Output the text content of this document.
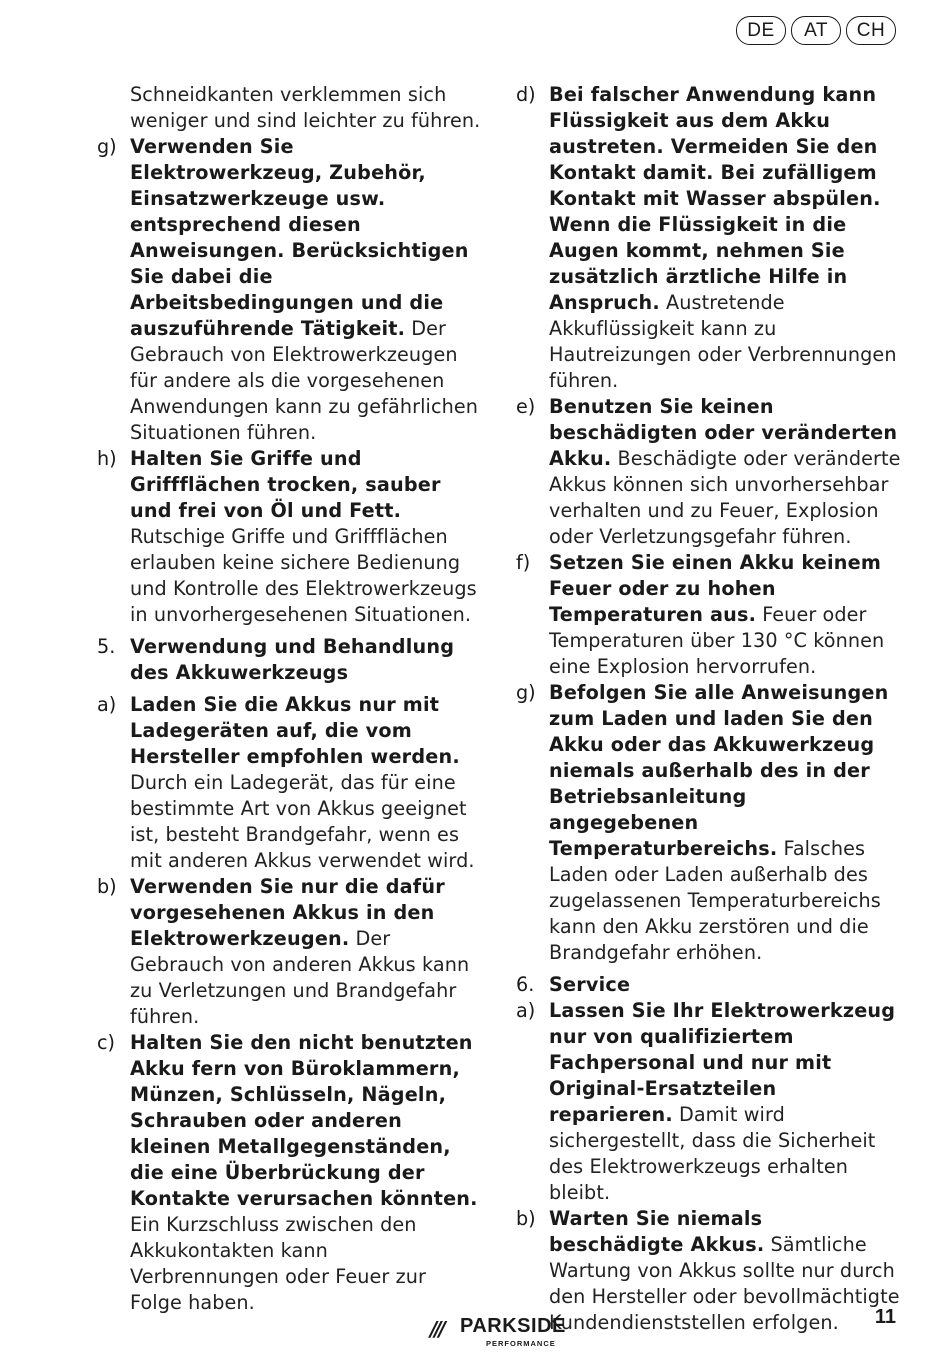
DE	AT	CH

Schneidkanten verklemmen sich weniger und sind leichter zu führen.

g) Verwenden Sie Elektrowerkzeug, Zubehör, Einsatzwerkzeuge usw. entsprechend diesen Anweisungen. Berücksichtigen Sie dabei die Arbeitsbedingungen und die auszuführende Tätigkeit. Der Gebrauch von Elektrowerkzeugen für andere als die vorgesehenen Anwendungen kann zu gefährlichen Situationen führen.
h) Halten Sie Griffe und Griffflächen trocken, sauber und frei von Öl und Fett. Rutschige Griffe und Griffflächen erlauben keine sichere Bedienung und Kontrolle des Elektrowerkzeugs in unvorhergesehenen Situationen.
5. Verwendung und Behandlung des Akkuwerkzeugs
a) Laden Sie die Akkus nur mit Ladegeräten auf, die vom Hersteller empfohlen werden. Durch ein Ladegerät, das für eine bestimmte Art von Akkus geeignet ist, besteht Brandgefahr, wenn es mit anderen Akkus verwendet wird.
b) Verwenden Sie nur die dafür vorgesehenen Akkus in den Elektrowerkzeugen. Der Gebrauch von anderen Akkus kann zu Verletzungen und Brandgefahr führen.
c) Halten Sie den nicht benutzten Akku fern von Büroklammern, Münzen, Schlüsseln, Nägeln, Schrauben oder anderen kleinen Metallgegenständen, die eine Überbrückung der Kontakte verursachen könnten. Ein Kurzschluss zwischen den Akkukontakten kann Verbrennungen oder Feuer zur Folge haben.
d) Bei falscher Anwendung kann Flüssigkeit aus dem Akku austreten. Vermeiden Sie den Kontakt damit. Bei zufälligem Kontakt mit Wasser abspülen. Wenn die Flüssigkeit in die Augen kommt, nehmen Sie zusätzlich ärztliche Hilfe in Anspruch. Austretende Akkuflüssigkeit kann zu Hautreizungen oder Verbrennungen führen.
e) Benutzen Sie keinen beschädigten oder veränderten Akku. Beschädigte oder veränderte Akkus können sich unvorhersehbar verhalten und zu Feuer, Explosion oder Verletzungsgefahr führen.
f) Setzen Sie einen Akku keinem Feuer oder zu hohen Temperaturen aus. Feuer oder Temperaturen über 130 °C können eine Explosion hervorrufen.
g) Befolgen Sie alle Anweisungen zum Laden und laden Sie den Akku oder das Akkuwerkzeug niemals außerhalb des in der Betriebsanleitung angegebenen Temperaturbereichs. Falsches Laden oder Laden außerhalb des zugelassenen Temperaturbereichs kann den Akku zerstören und die Brandgefahr erhöhen.
6. Service
a) Lassen Sie Ihr Elektrowerkzeug nur von qualifiziertem Fachpersonal und nur mit Original-Ersatzteilen reparieren. Damit wird sichergestellt, dass die Sicherheit des Elektrowerkzeugs erhalten bleibt.
b) Warten Sie niemals beschädigte Akkus. Sämtliche Wartung von Akkus sollte nur durch den Hersteller oder bevollmächtigte Kundendienststellen erfolgen.
/// PARKSIDE
PERFORMANCE
11
